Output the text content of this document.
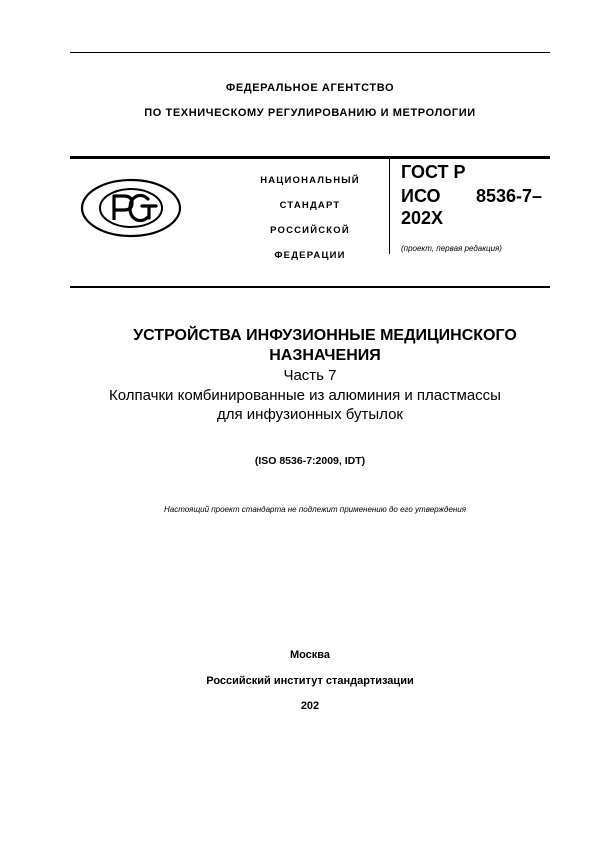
ФЕДЕРАЛЬНОЕ АГЕНТСТВО
ПО ТЕХНИЧЕСКОМУ РЕГУЛИРОВАНИЮ И МЕТРОЛОГИИ
НАЦИОНАЛЬНЫЙ
СТАНДАРТ
РОССИЙСКОЙ
ФЕДЕРАЦИИ
ГОСТ Р
ИСО 8536-7–
202X
(проект, первая редакция)
УСТРОЙСТВА ИНФУЗИОННЫЕ МЕДИЦИНСКОГО
НАЗНАЧЕНИЯ
Часть 7
Колпачки комбинированные из алюминия и пластмассы
для инфузионных бутылок
(ISO 8536-7:2009, IDT)
Настоящий проект стандарта не подлежит применению до его утверждения
Москва
Российский институт стандартизации
202
